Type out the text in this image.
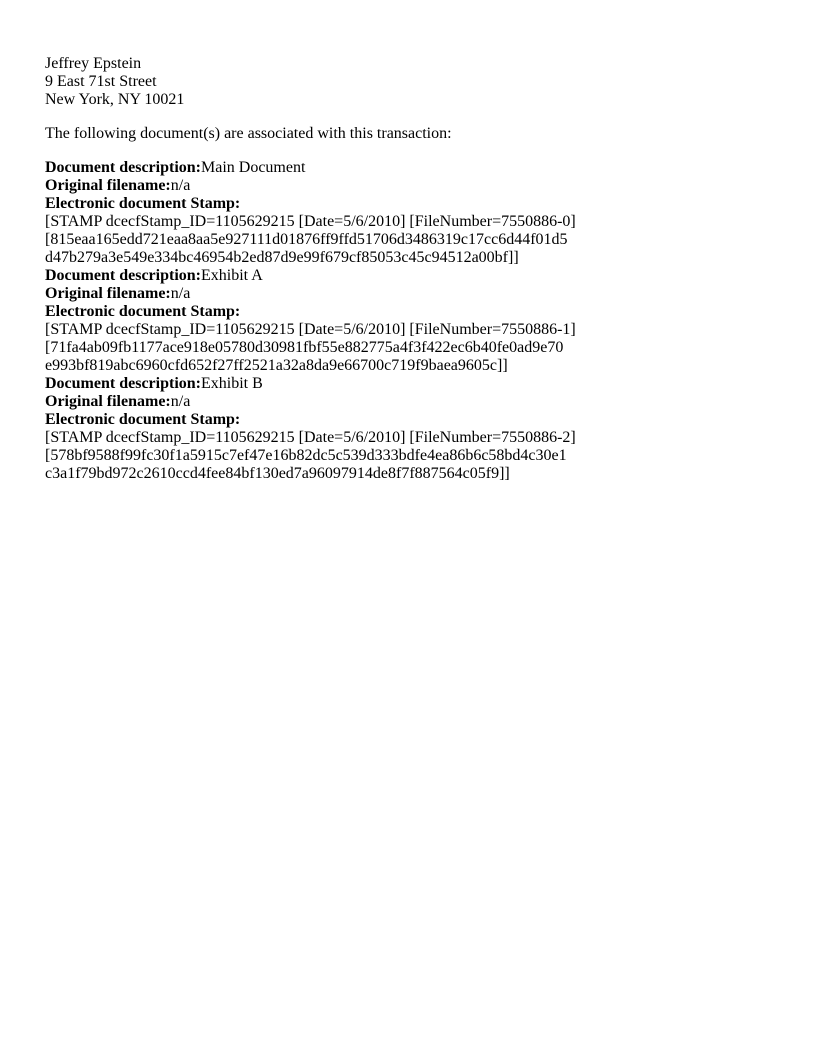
Jeffrey Epstein
9 East 71st Street
New York, NY 10021
The following document(s) are associated with this transaction:
Document description:Main Document
Original filename:n/a
Electronic document Stamp:
[STAMP dcecfStamp_ID=1105629215 [Date=5/6/2010] [FileNumber=7550886-0]
[815eaa165edd721eaa8aa5e927111d01876ff9ffd51706d3486319c17cc6d44f01d5
d47b279a3e549e334bc46954b2ed87d9e99f679cf85053c45c94512a00bf]]
Document description:Exhibit A
Original filename:n/a
Electronic document Stamp:
[STAMP dcecfStamp_ID=1105629215 [Date=5/6/2010] [FileNumber=7550886-1]
[71fa4ab09fb1177ace918e05780d30981fbf55e882775a4f3f422ec6b40fe0ad9e70
e993bf819abc6960cfd652f27ff2521a32a8da9e66700c719f9baea9605c]]
Document description:Exhibit B
Original filename:n/a
Electronic document Stamp:
[STAMP dcecfStamp_ID=1105629215 [Date=5/6/2010] [FileNumber=7550886-2]
[578bf9588f99fc30f1a5915c7ef47e16b82dc5c539d333bdfe4ea86b6c58bd4c30e1
c3a1f79bd972c2610ccd4fee84bf130ed7a96097914de8f7f887564c05f9]]
